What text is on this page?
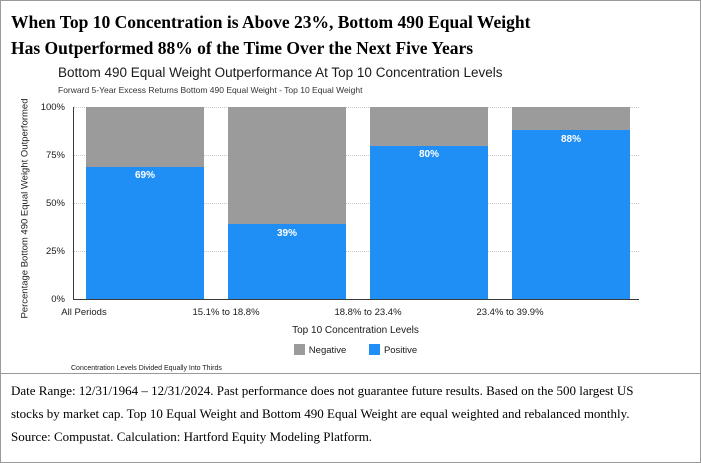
When Top 10 Concentration is Above 23%, Bottom 490 Equal Weight
Has Outperformed 88% of the Time Over the Next Five Years
Bottom 490 Equal Weight Outperformance At Top 10 Concentration Levels
Forward 5-Year Excess Returns Bottom 490 Equal Weight - Top 10 Equal Weight
Percentage Bottom 490 Equal Weight Outperformed	100%
75%
50%
25%
0%
69%
39%
80%
88%
All Periods	15.1% to 18.8%	18.8% to 23.4%	23.4% to 39.9%
Top 10 Concentration Levels
Negative	Positive
Concentration Levels Divided Equally Into Thirds
Date Range: 12/31/1964 – 12/31/2024. Past performance does not guarantee future results. Based on the 500 largest US
stocks by market cap. Top 10 Equal Weight and Bottom 490 Equal Weight are equal weighted and rebalanced monthly.
Source: Compustat. Calculation: Hartford Equity Modeling Platform.
